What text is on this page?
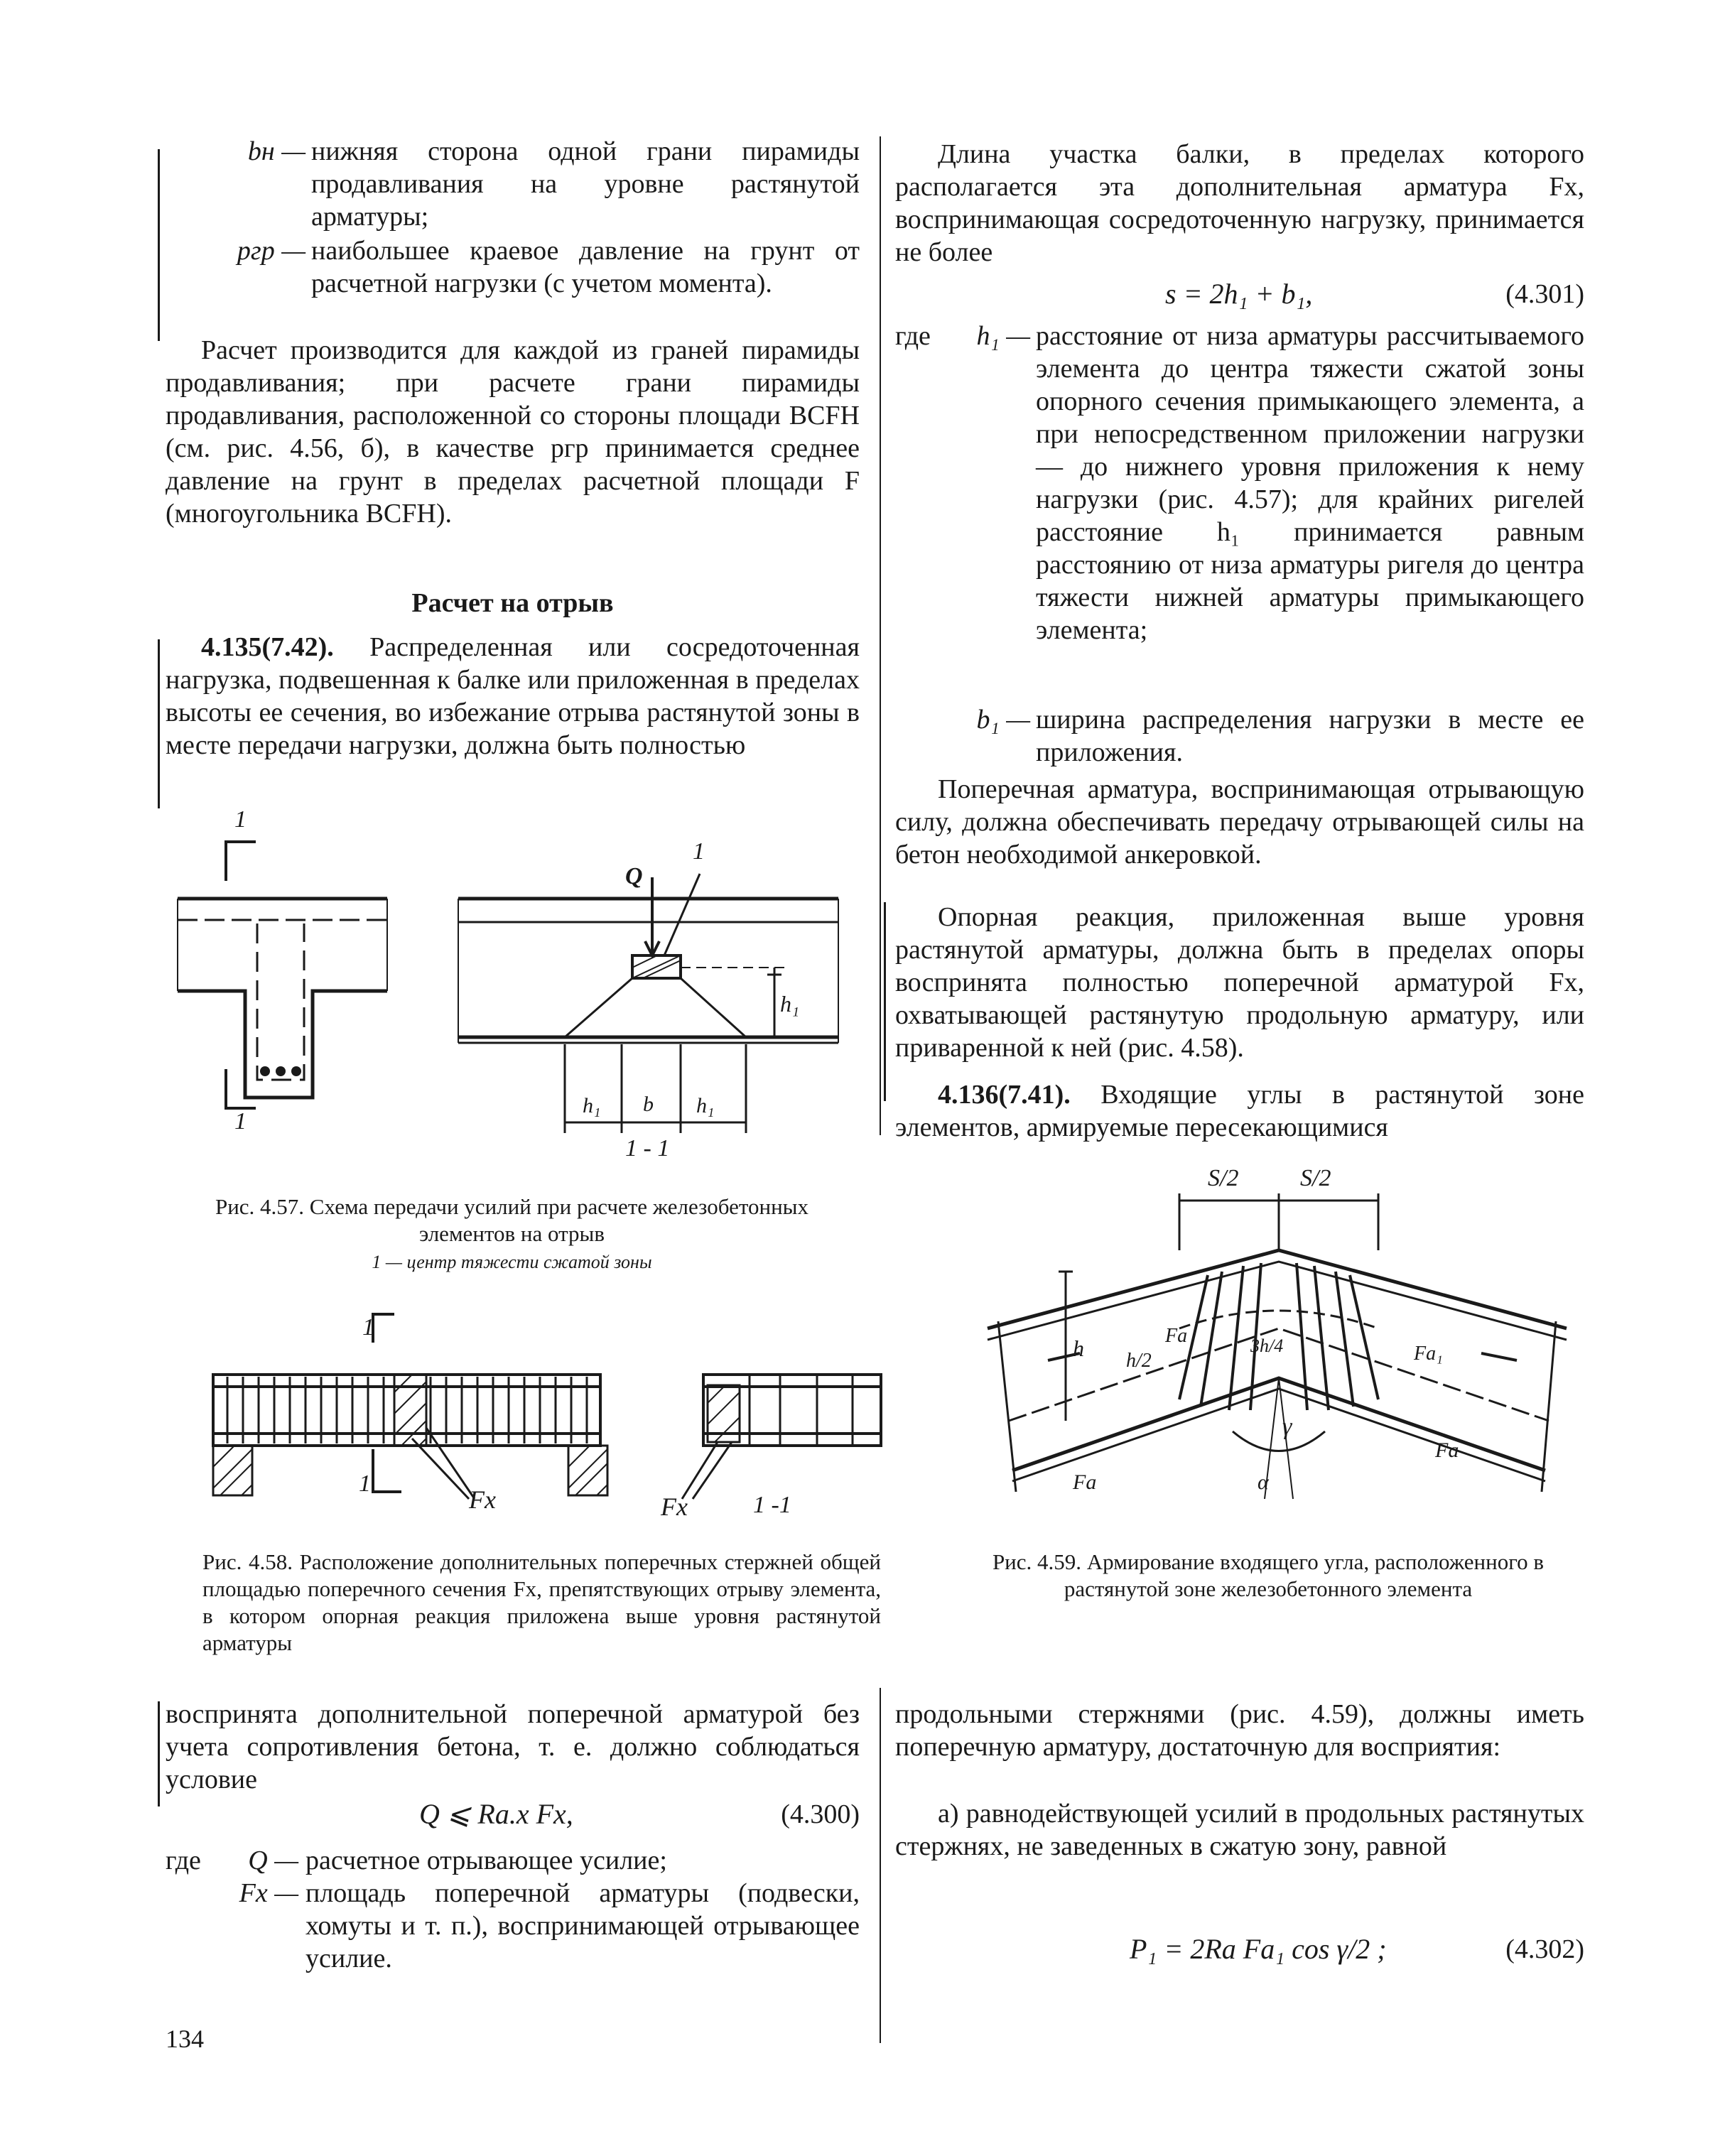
bн — нижняя сторона одной грани пирамиды продавливания на уровне растянутой арматуры;
pгр — наибольшее краевое давление на грунт от расчетной нагрузки (с учетом момента).
Расчет производится для каждой из граней пирамиды продавливания; при расчете грани пирамиды продавливания, расположенной со стороны площади BCFH (см. рис. 4.56, б), в качестве pгр принимается среднее давление на грунт в пределах расчетной площади F (многоугольника BCFH).
Расчет на отрыв
4.135(7.42). Распределенная или сосредоточенная нагрузка, подвешенная к балке или приложенная в пределах высоты ее сечения, во избежание отрыва растянутой зоны в месте передачи нагрузки, должна быть полностью
Длина участка балки, в пределах которого располагается эта дополнительная арматура Fх, воспринимающая сосредоточенную нагрузку, принимается не более
s = 2h₁ + b₁,	(4.301)
где	h₁ — расстояние от низа арматуры рассчитываемого элемента до центра тяжести сжатой зоны опорного сечения примыкающего элемента, а при непосредственном приложении нагрузки — до нижнего уровня приложения к нему нагрузки (рис. 4.57); для крайних ригелей расстояние h₁ принимается равным расстоянию от низа арматуры ригеля до центра тяжести нижней арматуры примыкающего элемента;
b₁ — ширина распределения нагрузки в месте ее приложения.
Поперечная арматура, воспринимающая отрывающую силу, должна обеспечивать передачу отрывающей силы на бетон необходимой анкеровкой.
Опорная реакция, приложенная выше уровня растянутой арматуры, должна быть в пределах опоры воспринята полностью поперечной арматурой Fх, охватывающей растянутую продольную арматуру, или приваренной к ней (рис. 4.58).
4.136(7.41). Входящие углы в растянутой зоне элементов, армируемые пересекающимися
1
1
Q
1
h₁
h₁ b h₁
1 - 1
Рис. 4.57. Схема передачи усилий при расчете железобетонных элементов на отрыв
1 — центр тяжести сжатой зоны
1
1
Fx	Fx	1 -1
Рис. 4.58. Расположение дополнительных поперечных стержней общей площадью поперечного сечения Fх, препятствующих отрыву элемента, в котором опорная реакция приложена выше уровня растянутой арматуры
S/2	S/2
h h/2
Fa	3h/4	Fa₁
γ
α
Fa
Fa
Рис. 4.59. Армирование входящего угла, расположенного в растянутой зоне железобетонного элемента
воспринята дополнительной поперечной арматурой без учета сопротивления бетона, т. е. должно соблюдаться условие
Q ⩽ Rа.х Fх,	(4.300)
где	Q — расчетное отрывающее усилие;
Fх — площадь поперечной арматуры (подвески, хомуты и т. п.), воспринимающей отрывающее усилие.
продольными стержнями (рис. 4.59), должны иметь поперечную арматуру, достаточную для восприятия:
а) равнодействующей усилий в продольных растянутых стержнях, не заведенных в сжатую зону, равной
P₁ = 2Rа Fа₁ cos γ/2 ;	(4.302)
134
